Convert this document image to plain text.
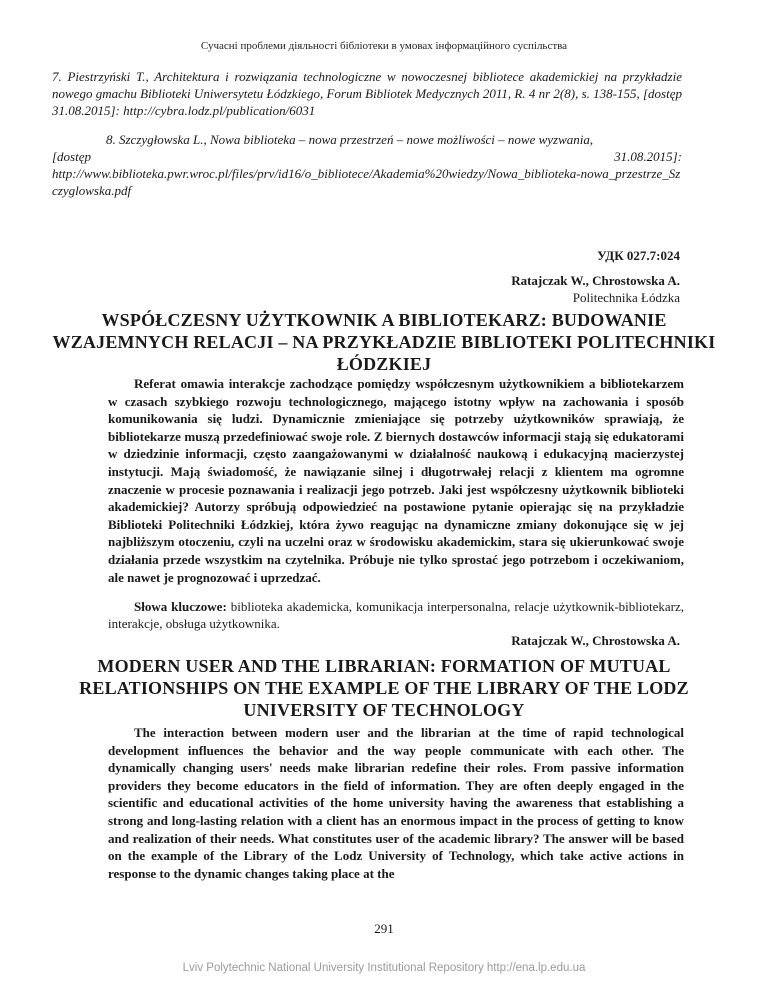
Сучасні проблеми діяльності бібліотеки в умовах інформаційного суспільства
7. Piestrzyński T., Architektura i rozwiązania technologiczne w nowoczesnej bibliotece akademickiej na przykładzie nowego gmachu Biblioteki Uniwersytetu Łódzkiego, Forum Bibliotek Medycznych 2011, R. 4 nr 2(8), s. 138-155, [dostęp 31.08.2015]: http://cybra.lodz.pl/publication/6031
8. Szczygłowska L., Nowa biblioteka – nowa przestrzeń – nowe możliwości – nowe wyzwania,
[dostęp	31.08.2015]:
http://www.biblioteka.pwr.wroc.pl/files/prv/id16/o_bibliotece/Akademia%20wiedzy/Nowa_biblioteka-nowa_przestrze_Szczyglowska.pdf
УДК 027.7:024
Ratajczak W., Chrostowska A.
Politechnika Łódzka
WSPÓŁCZESNY UŻYTKOWNIK A BIBLIOTEKARZ: BUDOWANIE WZAJEMNYCH RELACJI – NA PRZYKŁADZIE BIBLIOTEKI POLITECHNIKI ŁÓDZKIEJ
Referat omawia interakcje zachodzące pomiędzy współczesnym użytkownikiem a bibliotekarzem w czasach szybkiego rozwoju technologicznego, mającego istotny wpływ na zachowania i sposób komunikowania się ludzi. Dynamicznie zmieniające się potrzeby użytkowników sprawiają, że bibliotekarze muszą przedefiniować swoje role. Z biernych dostawców informacji stają się edukatorami w dziedzinie informacji, często zaangażowanymi w działalność naukową i edukacyjną macierzystej instytucji. Mają świadomość, że nawiązanie silnej i długotrwałej relacji z klientem ma ogromne znaczenie w procesie poznawania i realizacji jego potrzeb. Jaki jest współczesny użytkownik biblioteki akademickiej? Autorzy spróbują odpowiedzieć na postawione pytanie opierając się na przykładzie Biblioteki Politechniki Łódzkiej, która żywo reagując na dynamiczne zmiany dokonujące się w jej najbliższym otoczeniu, czyli na uczelni oraz w środowisku akademickim, stara się ukierunkować swoje działania przede wszystkim na czytelnika. Próbuje nie tylko sprostać jego potrzebom i oczekiwaniom, ale nawet je prognozować i uprzedzać.
Słowa kluczowe: biblioteka akademicka, komunikacja interpersonalna, relacje użytkownik-bibliotekarz, interakcje, obsługa użytkownika.
Ratajczak W., Chrostowska A.
MODERN USER AND THE LIBRARIAN: FORMATION OF MUTUAL RELATIONSHIPS ON THE EXAMPLE OF THE LIBRARY OF THE LODZ UNIVERSITY OF TECHNOLOGY
The interaction between modern user and the librarian at the time of rapid technological development influences the behavior and the way people communicate with each other. The dynamically changing users' needs make librarian redefine their roles. From passive information providers they become educators in the field of information. They are often deeply engaged in the scientific and educational activities of the home university having the awareness that establishing a strong and long-lasting relation with a client has an enormous impact in the process of getting to know and realization of their needs. What constitutes user of the academic library? The answer will be based on the example of the Library of the Lodz University of Technology, which take active actions in response to the dynamic changes taking place at the
291
Lviv Polytechnic National University Institutional Repository http://ena.lp.edu.ua
